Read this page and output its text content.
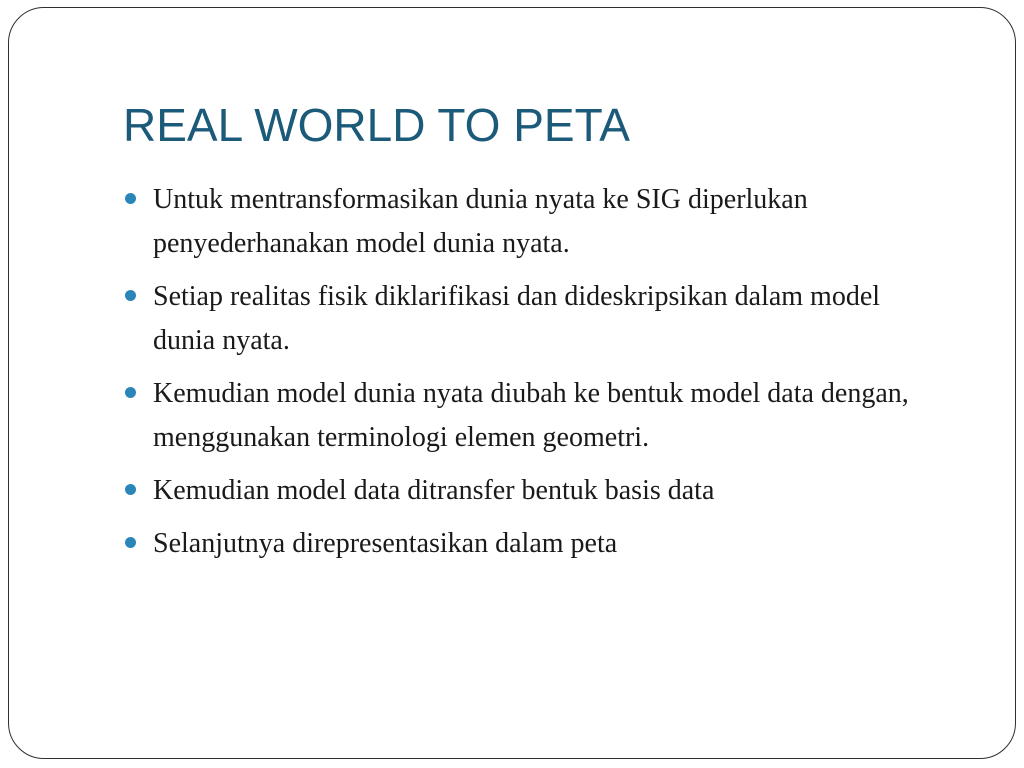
REAL WORLD TO PETA
Untuk mentransformasikan dunia nyata ke SIG diperlukan penyederhanakan model dunia nyata.
Setiap realitas fisik diklarifikasi dan dideskripsikan dalam model dunia nyata.
Kemudian model dunia nyata diubah ke bentuk model data dengan, menggunakan terminologi elemen geometri.
Kemudian model data ditransfer bentuk basis data
Selanjutnya direpresentasikan dalam peta
